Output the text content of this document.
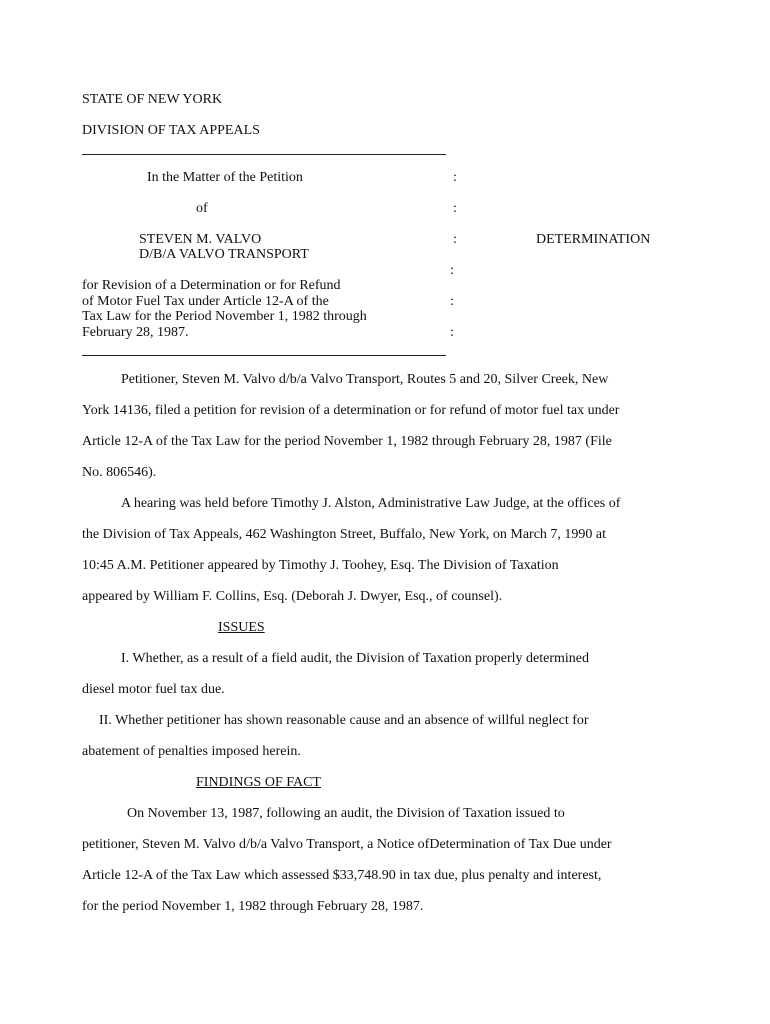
STATE OF NEW YORK
DIVISION OF TAX APPEALS
In the Matter of the Petition
of
STEVEN M. VALVO
D/B/A VALVO TRANSPORT
for Revision of a Determination or for Refund
of Motor Fuel Tax under Article 12-A of the
Tax Law for the Period November 1, 1982 through
February 28, 1987.
:
:
:
:
:
:
DETERMINATION
Petitioner, Steven M. Valvo d/b/a Valvo Transport, Routes 5 and 20, Silver Creek, New
York 14136, filed a petition for revision of a determination or for refund of motor fuel tax under
Article 12-A of the Tax Law for the period November 1, 1982 through February 28, 1987 (File
No. 806546).
A hearing was held before Timothy J. Alston, Administrative Law Judge, at the offices of
the Division of Tax Appeals, 462 Washington Street, Buffalo, New York, on March 7, 1990 at
10:45 A.M. Petitioner appeared by Timothy J. Toohey, Esq. The Division of Taxation
appeared by William F. Collins, Esq. (Deborah J. Dwyer, Esq., of counsel).
ISSUES
I. Whether, as a result of a field audit, the Division of Taxation properly determined
diesel motor fuel tax due.
II. Whether petitioner has shown reasonable cause and an absence of willful neglect for
abatement of penalties imposed herein.
FINDINGS OF FACT
On November 13, 1987, following an audit, the Division of Taxation issued to
petitioner, Steven M. Valvo d/b/a Valvo Transport, a Notice ofDetermination of Tax Due under
Article 12-A of the Tax Law which assessed $33,748.90 in tax due, plus penalty and interest,
for the period November 1, 1982 through February 28, 1987.
